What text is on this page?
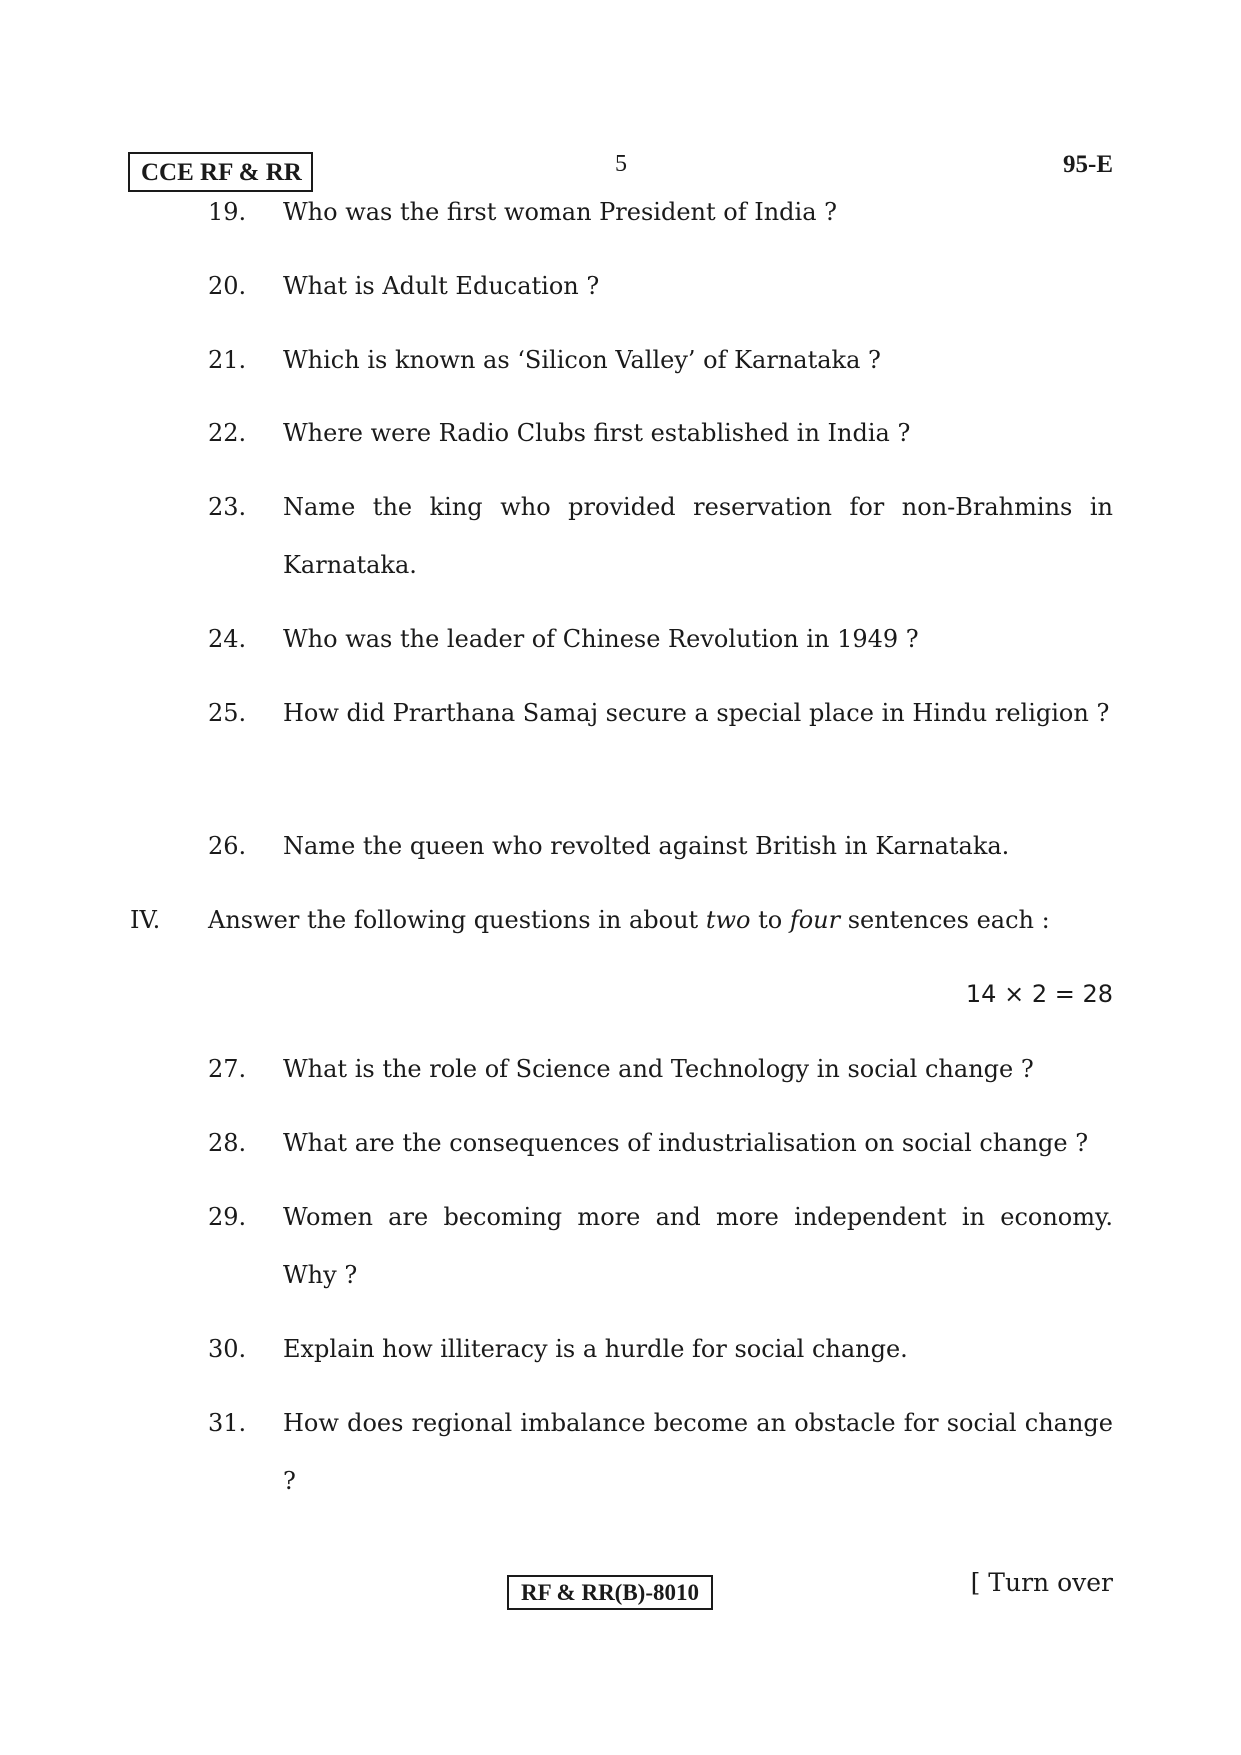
CCE RF & RR	5	95-E
19. Who was the first woman President of India ?

20. What is Adult Education ?

21. Which is known as ‘Silicon Valley’ of Karnataka ?

22. Where were Radio Clubs first established in India ?

23. Name the king who provided reservation for non-Brahmins in Karnataka.

24. Who was the leader of Chinese Revolution in 1949 ?

25. How did Prarthana Samaj secure a special place in Hindu religion ?

26. Name the queen who revolted against British in Karnataka.

IV. Answer the following questions in about two to four sentences each :
14 × 2 = 28
27. What is the role of Science and Technology in social change ?

28. What are the consequences of industrialisation on social change ?

29. Women are becoming more and more independent in economy. Why ?

30. Explain how illiteracy is a hurdle for social change.

31. How does regional imbalance become an obstacle for social change ?

RF & RR(B)-8010	[ Turn over
